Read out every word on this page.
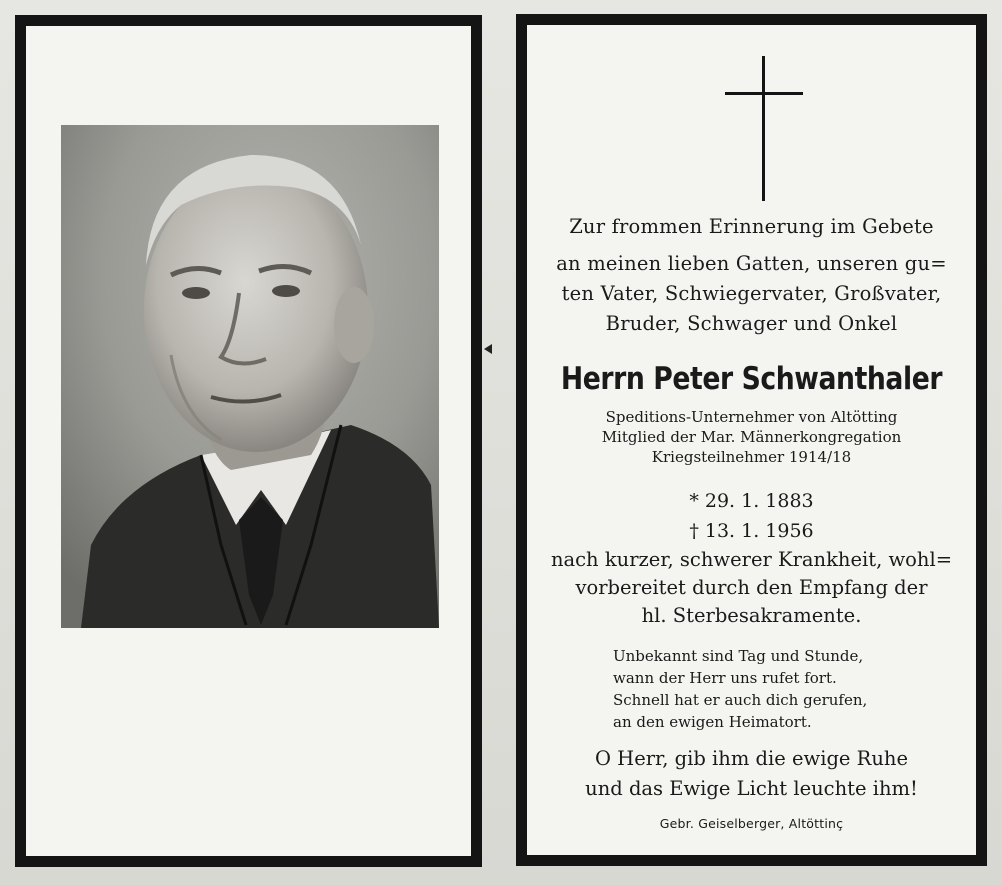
Zur frommen Erinnerung im Gebete
an meinen lieben Gatten, unseren gu=
ten Vater, Schwiegervater, Großvater,
Bruder, Schwager und Onkel
Herrn Peter Schwanthaler
Speditions-Unternehmer von Altötting
Mitglied der Mar. Männerkongregation
Kriegsteilnehmer 1914/18
* 29. 1. 1883
† 13. 1. 1956
nach kurzer, schwerer Krankheit, wohl=
vorbereitet durch den Empfang der
hl. Sterbesakramente.
Unbekannt sind Tag und Stunde,
wann der Herr uns rufet fort.
Schnell hat er auch dich gerufen,
an den ewigen Heimatort.
O Herr, gib ihm die ewige Ruhe
und das Ewige Licht leuchte ihm!
Gebr. Geiselberger, Altöttinç
